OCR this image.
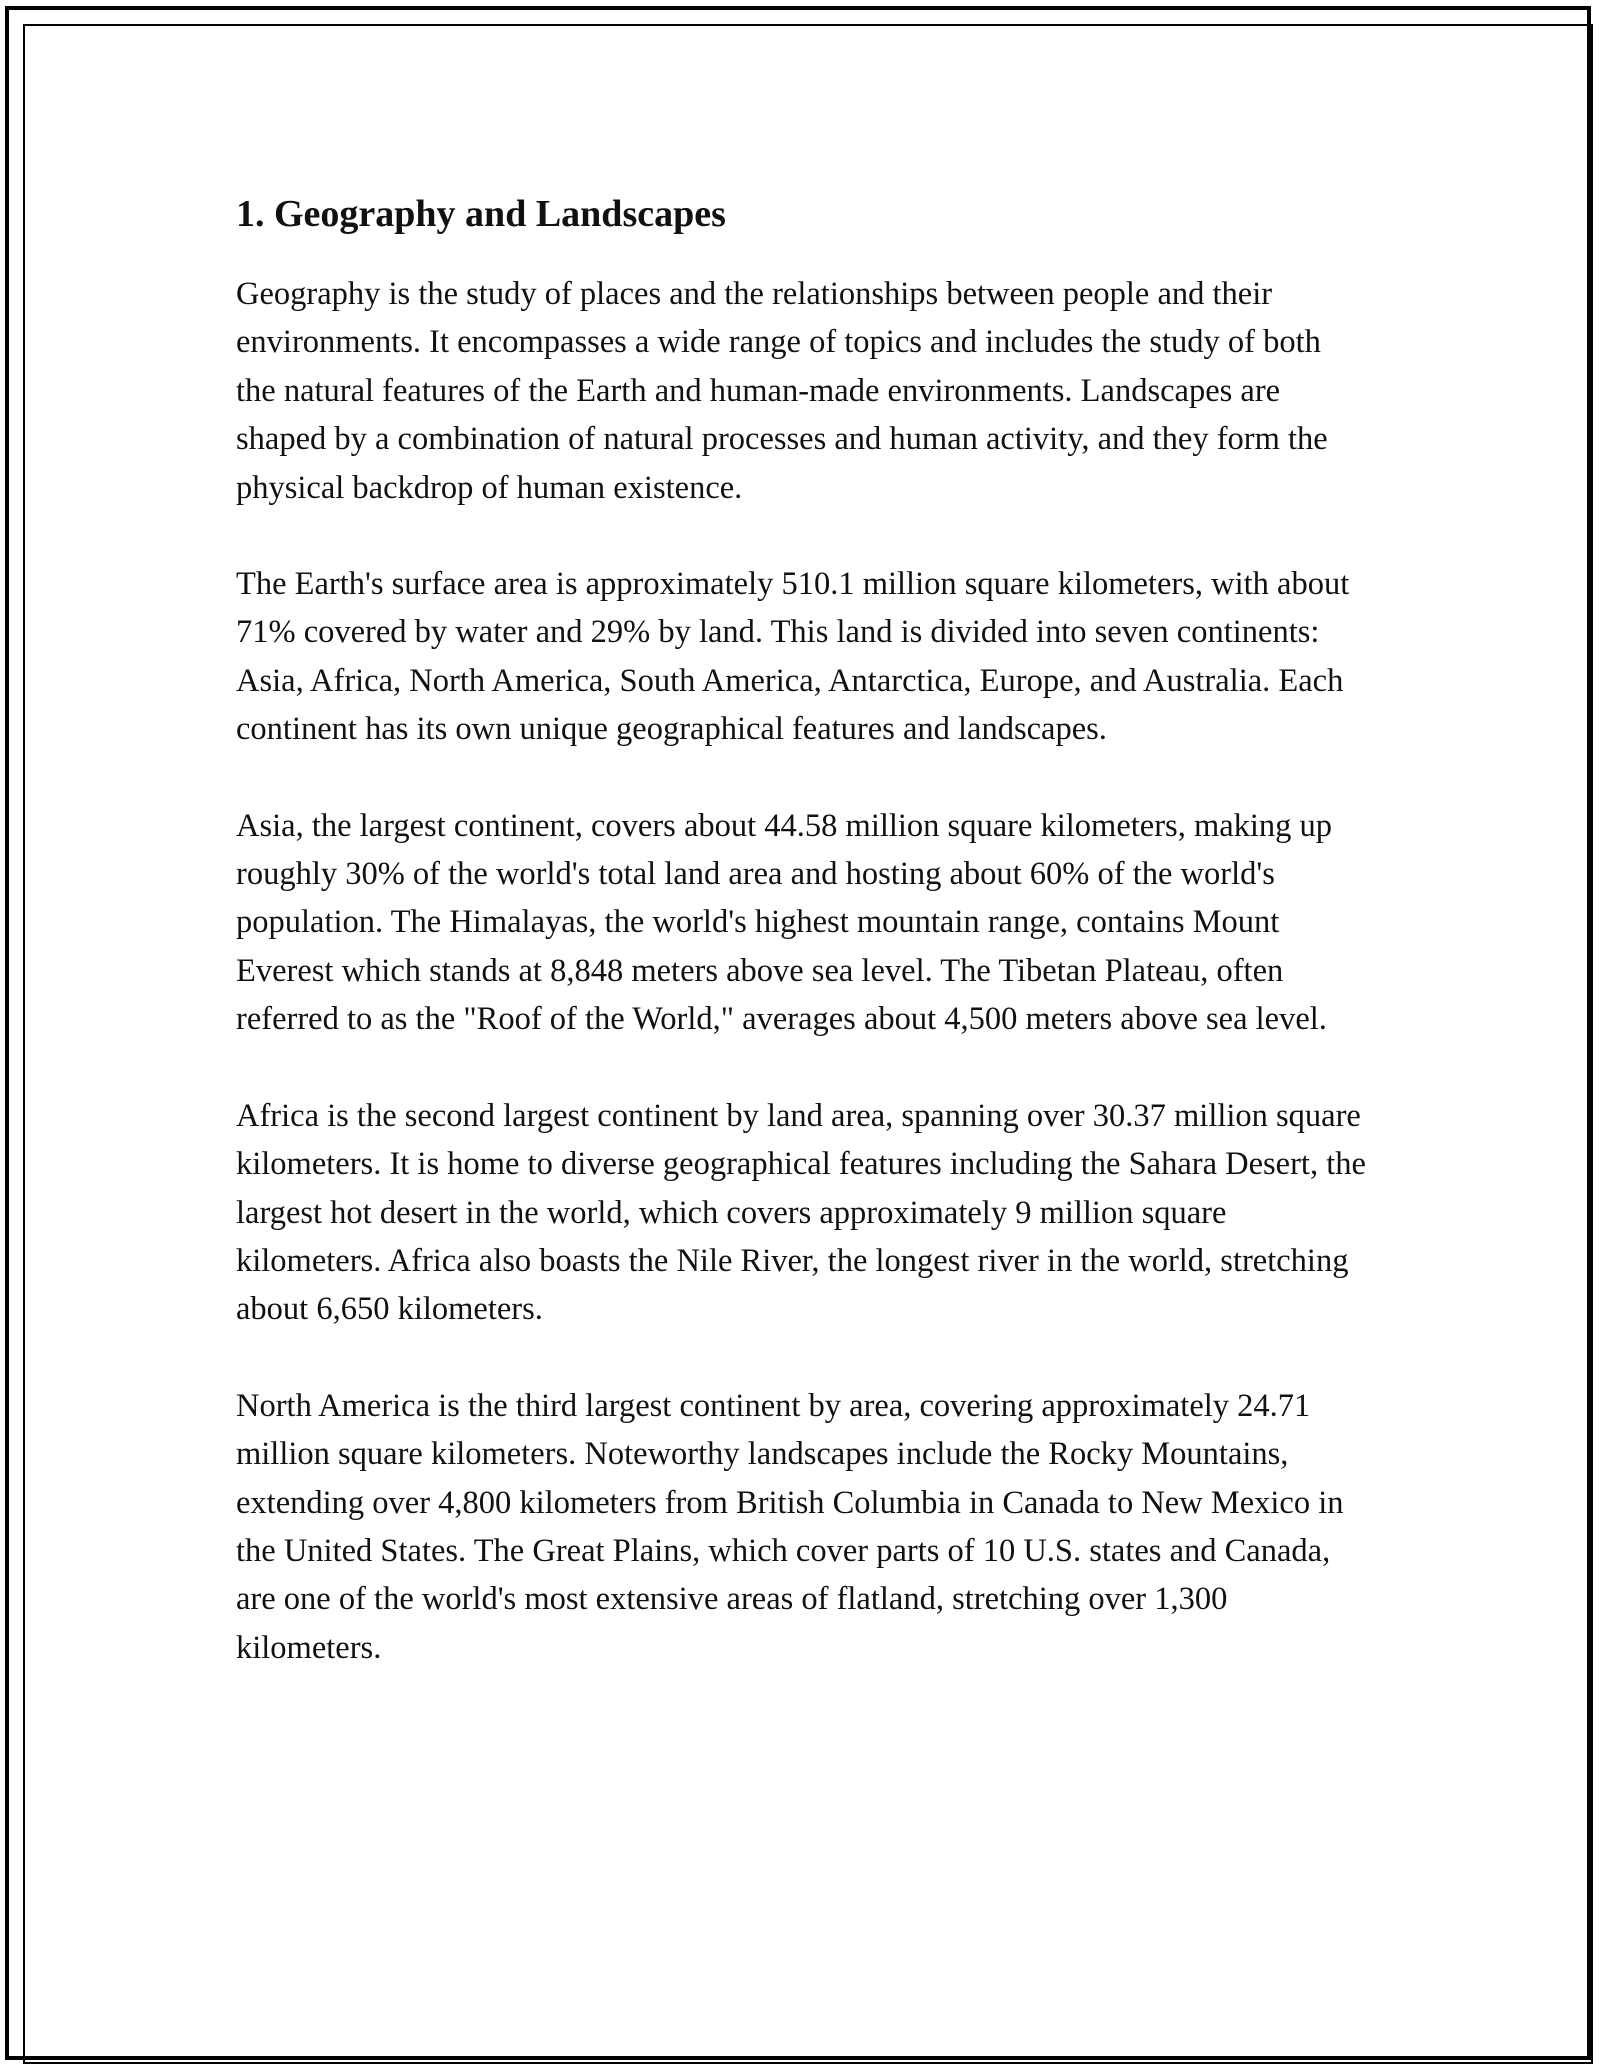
1. Geography and Landscapes

Geography is the study of places and the relationships between people and their environments. It encompasses a wide range of topics and includes the study of both the natural features of the Earth and human-made environments. Landscapes are shaped by a combination of natural processes and human activity, and they form the physical backdrop of human existence.

The Earth's surface area is approximately 510.1 million square kilometers, with about 71% covered by water and 29% by land. This land is divided into seven continents: Asia, Africa, North America, South America, Antarctica, Europe, and Australia. Each continent has its own unique geographical features and landscapes.

Asia, the largest continent, covers about 44.58 million square kilometers, making up roughly 30% of the world's total land area and hosting about 60% of the world's population. The Himalayas, the world's highest mountain range, contains Mount Everest which stands at 8,848 meters above sea level. The Tibetan Plateau, often referred to as the "Roof of the World," averages about 4,500 meters above sea level.

Africa is the second largest continent by land area, spanning over 30.37 million square kilometers. It is home to diverse geographical features including the Sahara Desert, the largest hot desert in the world, which covers approximately 9 million square kilometers. Africa also boasts the Nile River, the longest river in the world, stretching about 6,650 kilometers.

North America is the third largest continent by area, covering approximately 24.71 million square kilometers. Noteworthy landscapes include the Rocky Mountains, extending over 4,800 kilometers from British Columbia in Canada to New Mexico in the United States. The Great Plains, which cover parts of 10 U.S. states and Canada, are one of the world's most extensive areas of flatland, stretching over 1,300 kilometers.
